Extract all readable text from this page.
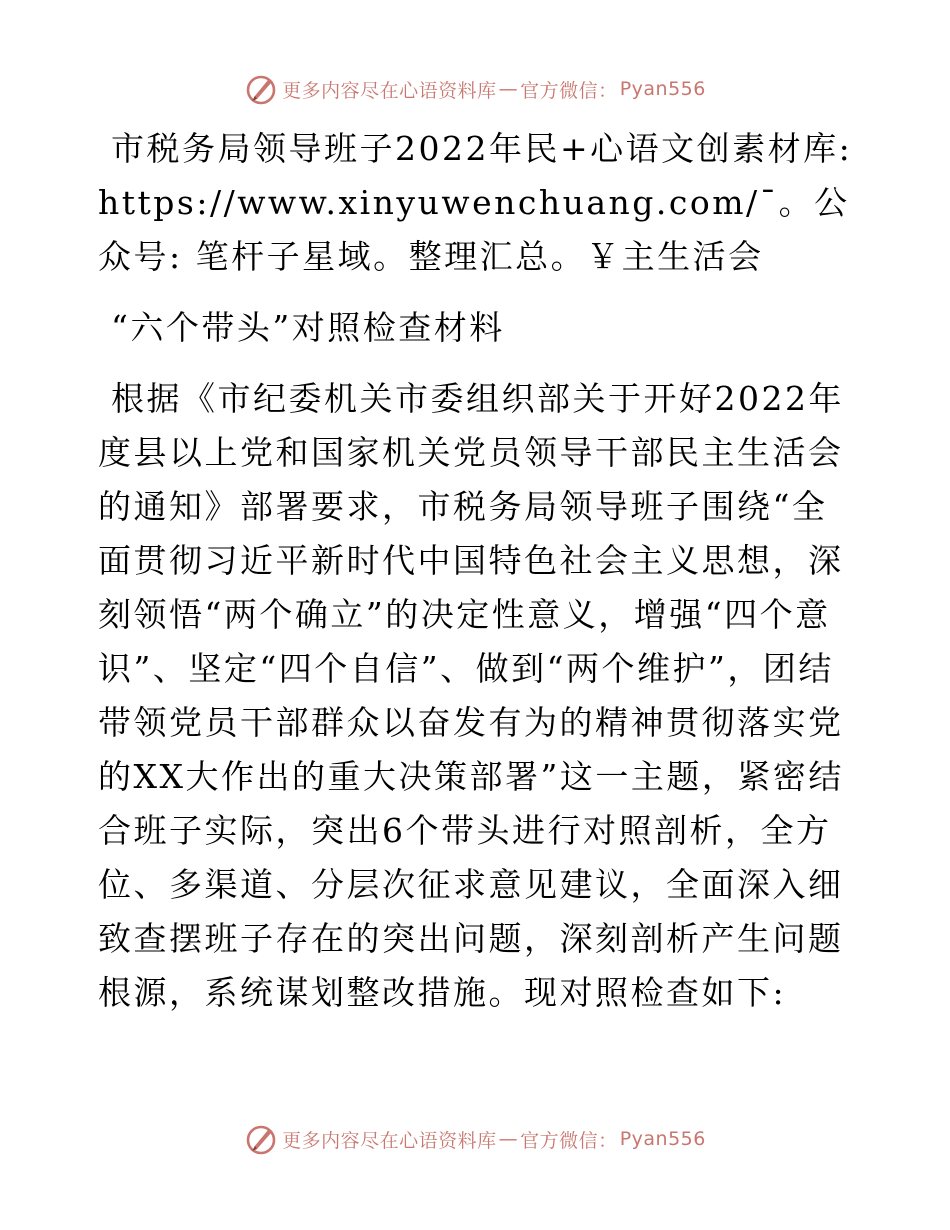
更多内容尽在心语资料库 — 官方微信： Pyan556

市税务局领导班子2022年民+心语文创素材库:
https://www.xinyuwenchuang.com/¯。公众号: 笔杆子星域。整理汇总。￥主生活会

“六个带头”对照检查材料

根据《市纪委机关市委组织部关于开好2022年度县以上党和国家机关党员领导干部民主生活会的通知》部署要求，市税务局领导班子围绕“全面贯彻习近平新时代中国特色社会主义思想，深刻领悟“两个确立”的决定性意义，增强“四个意识”、坚定“四个自信”、做到“两个维护”，团结带领党员干部群众以奋发有为的精神贯彻落实党的XX大作出的重大决策部署”这一主题，紧密结合班子实际，突出6个带头进行对照剖析，全方位、多渠道、分层次征求意见建议，全面深入细致查摆班子存在的突出问题，深刻剖析产生问题根源，系统谋划整改措施。现对照检查如下:

更多内容尽在心语资料库 — 官方微信： Pyan556
